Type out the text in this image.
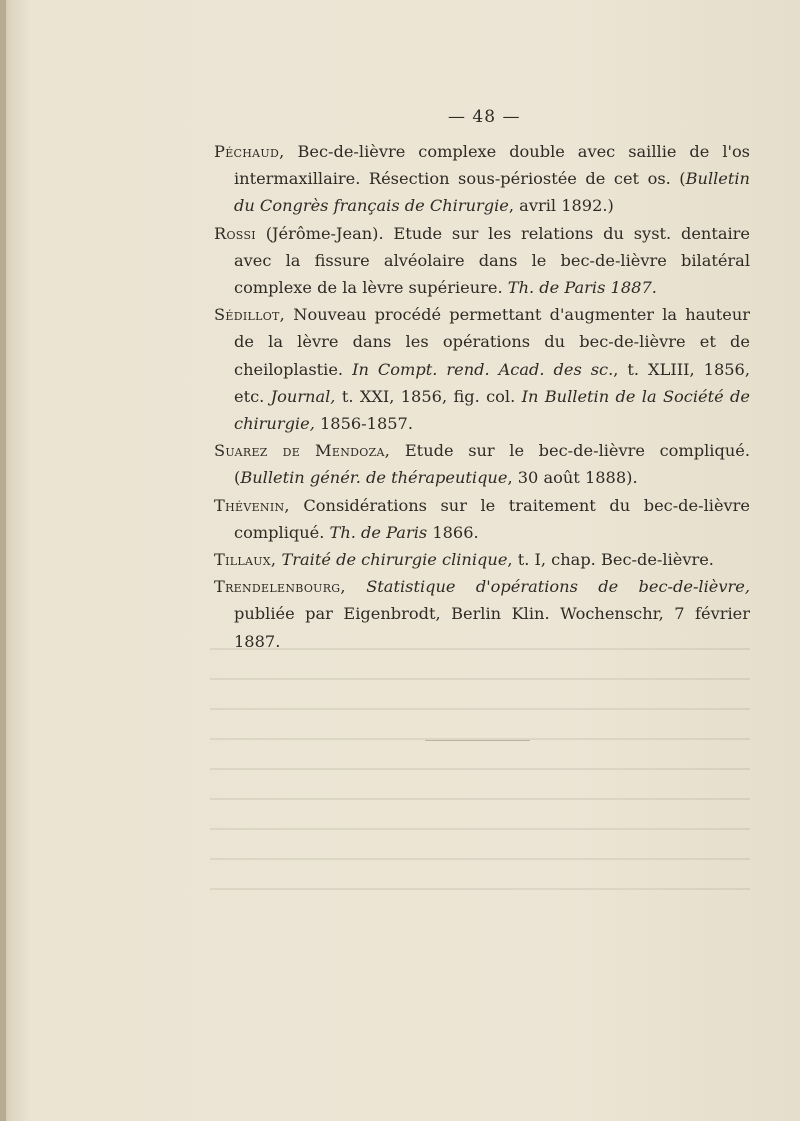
— 48 —

Péchaud, Bec-de-lièvre complexe double avec saillie de l'os intermaxillaire. Résection sous-périostée de cet os. (Bulletin du Congrès français de Chirurgie, avril 1892.)

Rossi (Jérôme-Jean). Etude sur les relations du syst. dentaire avec la fissure alvéolaire dans le bec-de-lièvre bilatéral complexe de la lèvre supérieure. Th. de Paris 1887.

Sédillot, Nouveau procédé permettant d'augmenter la hauteur de la lèvre dans les opérations du bec-de-lièvre et de cheiloplastie. In Compt. rend. Acad. des sc., t. XLIII, 1856, etc. Journal, t. XXI, 1856, fig. col. In Bulletin de la Société de chirurgie, 1856-1857.

Suarez de Mendoza, Etude sur le bec-de-lièvre compliqué. (Bulletin génér. de thérapeutique, 30 août 1888).

Thévenin, Considérations sur le traitement du bec-de-lièvre compliqué. Th. de Paris 1866.

Tillaux, Traité de chirurgie clinique, t. I, chap. Bec-de-lièvre.

Trendelenbourg, Statistique d'opérations de bec-de-lièvre, publiée par Eigenbrodt, Berlin Klin. Wochenschr, 7 février 1887.
